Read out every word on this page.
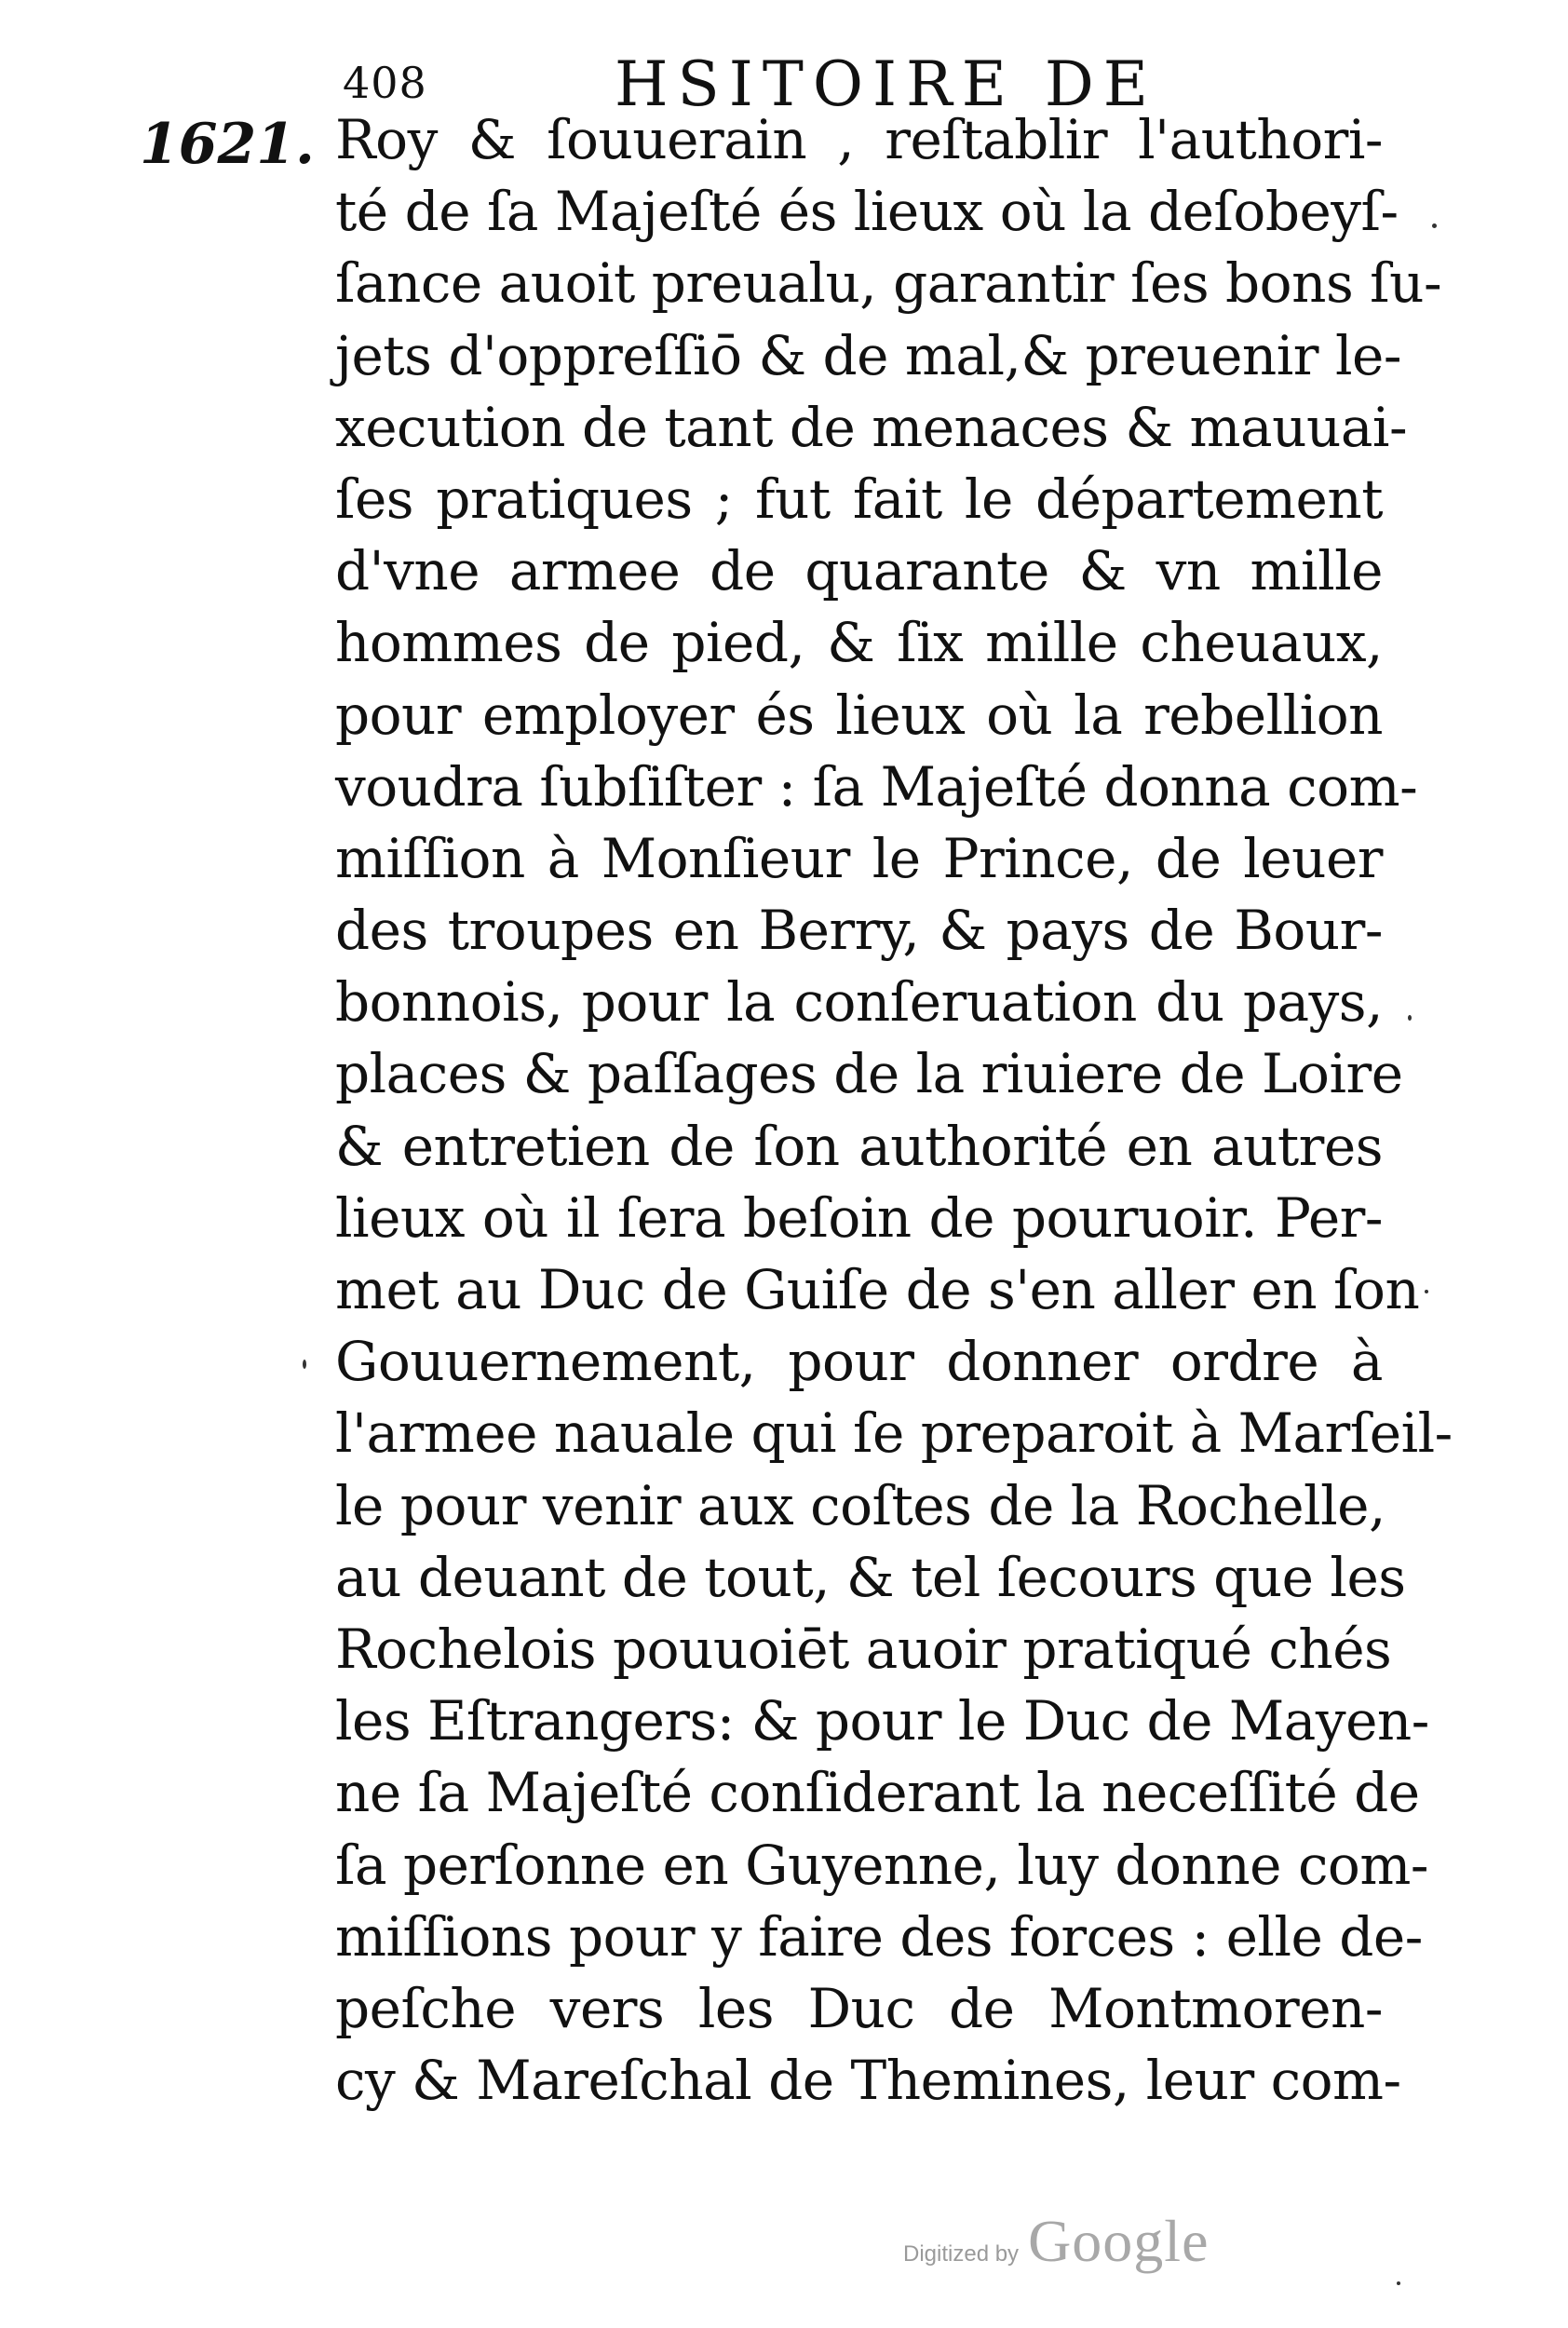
408	HSITOIRE DE
1621. Roy & ſouuerain , reſtablir l'authori-
té de ſa Majeſté és lieux où la deſobeyſ-
ſance auoit preualu, garantir ſes bons ſu-
jets d'oppreſſiō & de mal,& preuenir le-
xecution de tant de menaces & mauuai-
ſes pratiques ; fut fait le département
d'vne armee de quarante & vn mille
hommes de pied, & ſix mille cheuaux,
pour employer és lieux où la rebellion
voudra ſubſiſter : ſa Majeſté donna com-
miſſion à Monſieur le Prince, de leuer
des troupes en Berry, & pays de Bour-
bonnois, pour la conſeruation du pays,
places & paſſages de la riuiere de Loire
& entretien de ſon authorité en autres
lieux où il ſera beſoin de pouruoir. Per-
met au Duc de Guiſe de s'en aller en ſon
Gouuernement, pour donner ordre à
l'armee nauale qui ſe preparoit à Marſeil-
le pour venir aux coſtes de la Rochelle,
au deuant de tout, & tel ſecours que les
Rochelois pouuoiēt auoir pratiqué chés
les Eſtrangers: & pour le Duc de Mayen-
ne ſa Majeſté conſiderant la neceſſité de
ſa perſonne en Guyenne, luy donne com-
miſſions pour y faire des forces : elle de-
peſche vers les Duc de Montmoren-
cy & Mareſchal de Themines, leur com-
Digitized by Google
